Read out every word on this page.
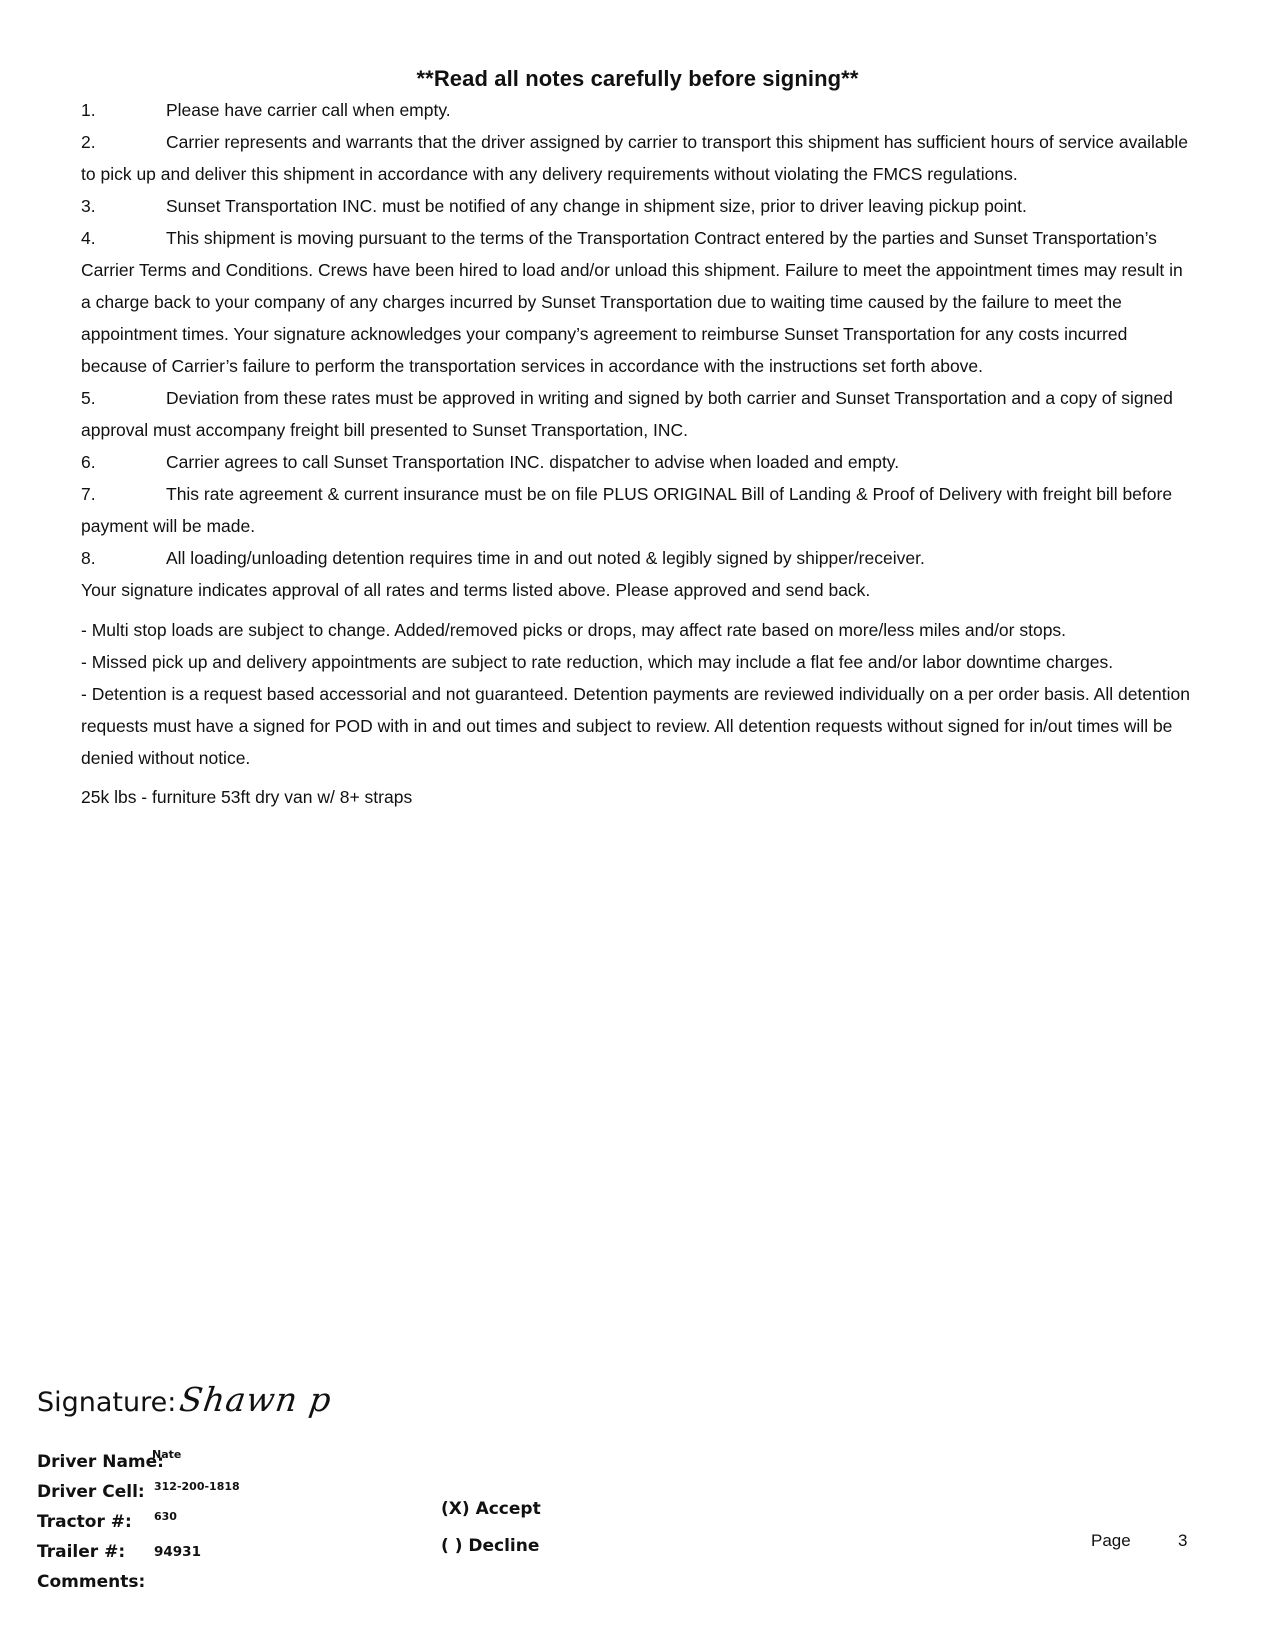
**Read all notes carefully before signing**

1.	Please have carrier call when empty.

2.	Carrier represents and warrants that the driver assigned by carrier to transport this shipment has sufficient hours of service available to pick up and deliver this shipment in accordance with any delivery requirements without violating the FMCS regulations.

3.	Sunset Transportation INC. must be notified of any change in shipment size, prior to driver leaving pickup point.

4.	This shipment is moving pursuant to the terms of the Transportation Contract entered by the parties and Sunset Transportation’s Carrier Terms and Conditions. Crews have been hired to load and/or unload this shipment. Failure to meet the appointment times may result in a charge back to your company of any charges incurred by Sunset Transportation due to waiting time caused by the failure to meet the appointment times. Your signature acknowledges your company’s agreement to reimburse Sunset Transportation for any costs incurred because of Carrier’s failure to perform the transportation services in accordance with the instructions set forth above.

5.	Deviation from these rates must be approved in writing and signed by both carrier and Sunset Transportation and a copy of signed approval must accompany freight bill presented to Sunset Transportation, INC.

6.	Carrier agrees to call Sunset Transportation INC. dispatcher to advise when loaded and empty.

7.	This rate agreement & current insurance must be on file PLUS ORIGINAL Bill of Landing & Proof of Delivery with freight bill before payment will be made.

8.	All loading/unloading detention requires time in and out noted & legibly signed by shipper/receiver.

Your signature indicates approval of all rates and terms listed above. Please approved and send back.

- Multi stop loads are subject to change. Added/removed picks or drops, may affect rate based on more/less miles and/or stops.

- Missed pick up and delivery appointments are subject to rate reduction, which may include a flat fee and/or labor downtime charges.

- Detention is a request based accessorial and not guaranteed. Detention payments are reviewed individually on a per order basis. All detention requests must have a signed for POD with in and out times and subject to review. All detention requests without signed for in/out times will be denied without notice.

25k lbs - furniture 53ft dry van w/ 8+ straps

Signature:Shawn p
Driver Name:
Nate
Driver Cell: 312-200-1818
Tractor #: 630
Trailer #: 94931
Comments:
(X) Accept
( ) Decline	Page	3
